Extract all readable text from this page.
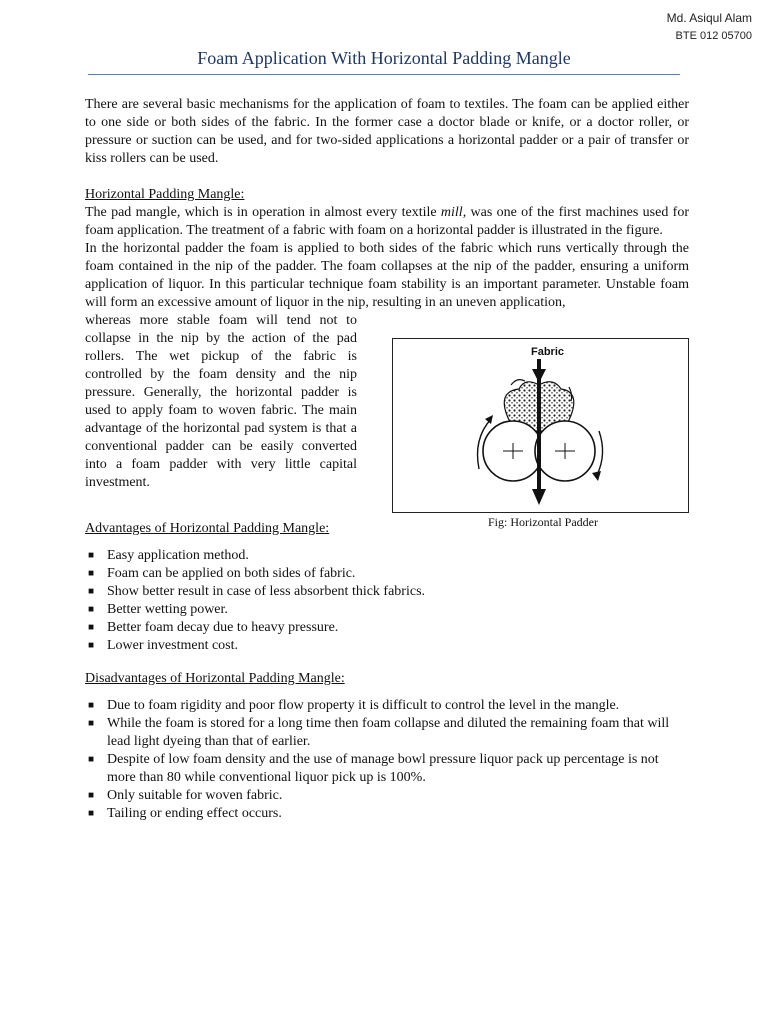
Md. Asiqul Alam
BTE 012 05700
Foam Application With Horizontal Padding Mangle

There are several basic mechanisms for the application of foam to textiles. The foam can be applied either to one side or both sides of the fabric. In the former case a doctor blade or knife, or a doctor roller, or pressure or suction can be used, and for two-sided applications a horizontal padder or a pair of transfer or kiss rollers can be used.

Horizontal Padding Mangle:

The pad mangle, which is in operation in almost every textile mill, was one of the first machines used for foam application. The treatment of a fabric with foam on a horizontal padder is illustrated in the figure.

In the horizontal padder the foam is applied to both sides of the fabric which runs vertically through the foam contained in the nip of the padder. The foam collapses at the nip of the padder, ensuring a uniform application of liquor. In this particular technique foam stability is an important parameter. Unstable foam will form an excessive amount of liquor in the nip, resulting in an uneven application,

whereas more stable foam will tend not to collapse in the nip by the action of the pad rollers. The wet pickup of the fabric is controlled by the foam density and the nip pressure. Generally, the horizontal padder is used to apply foam to woven fabric. The main advantage of the horizontal pad system is that a conventional padder can be easily converted into a foam padder with very little capital investment.

Fabric
Fig: Horizontal Padder
Advantages of Horizontal Padding Mangle:
■ Easy application method.
■ Foam can be applied on both sides of fabric.
■ Show better result in case of less absorbent thick fabrics.
■ Better wetting power.
■ Better foam decay due to heavy pressure.
■ Lower investment cost.
Disadvantages of Horizontal Padding Mangle:
■ Due to foam rigidity and poor flow property it is difficult to control the level in the mangle.
■ While the foam is stored for a long time then foam collapse and diluted the remaining foam that will lead light dyeing than that of earlier.
■ Despite of low foam density and the use of manage bowl pressure liquor pack up percentage is not more than 80 while conventional liquor pick up is 100%.
■ Only suitable for woven fabric.
■ Tailing or ending effect occurs.
